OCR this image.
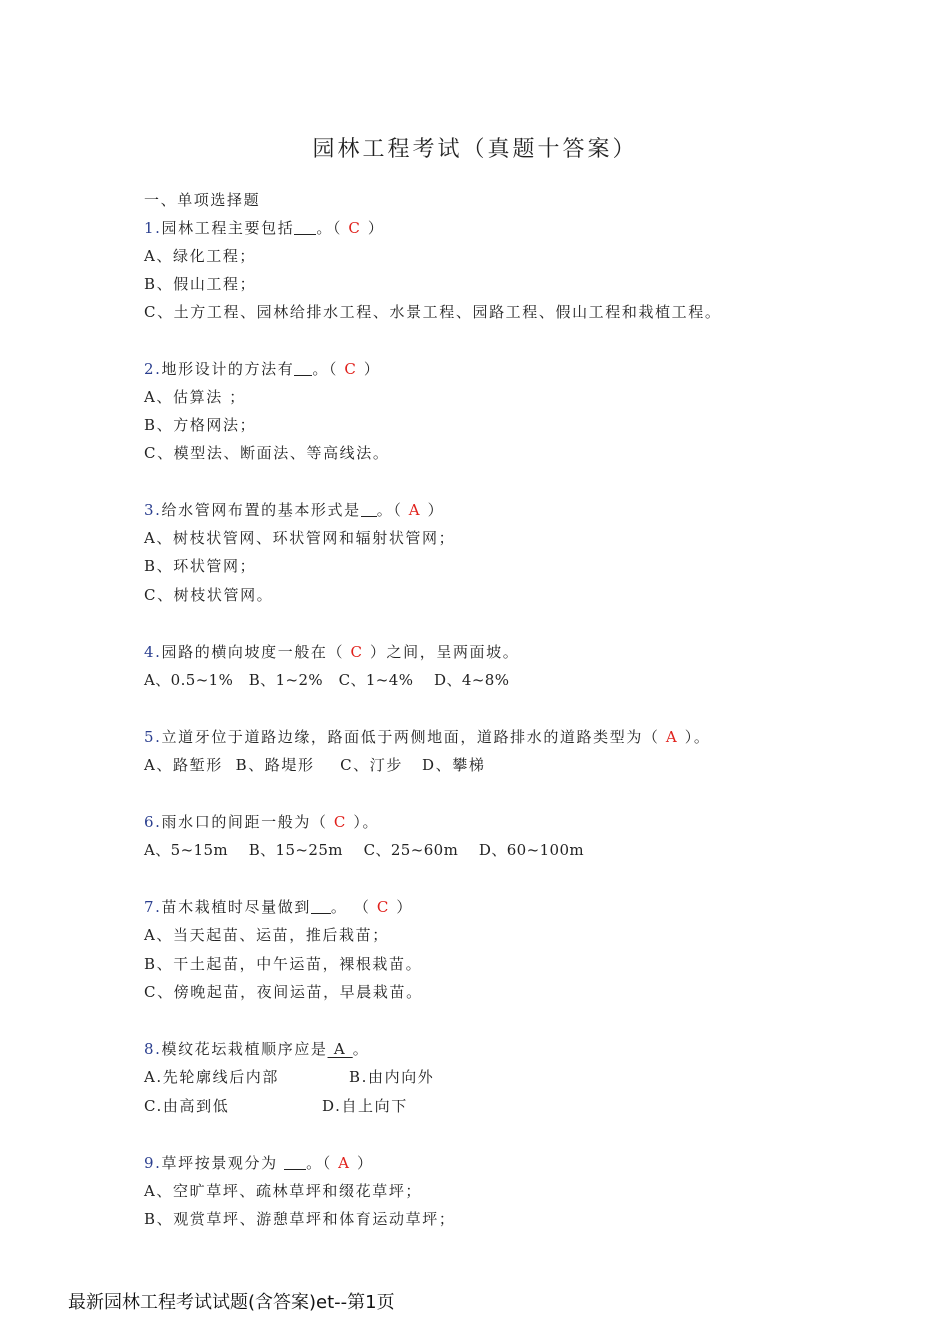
园林工程考试（真题十答案）
一、单项选择题
1.园林工程主要包括 。（ C ）
A、绿化工程；
B、假山工程；
C、土方工程、园林给排水工程、水景工程、园路工程、假山工程和栽植工程。
2.地形设计的方法有 。（ C ）
A、估算法 ；
B、方格网法；
C、模型法、断面法、等高线法。
3.给水管网布置的基本形式是 。（ A ）
A、树枝状管网、环状管网和辐射状管网；
B、环状管网；
C、树枝状管网。
4.园路的横向坡度一般在（ C ）之间，呈两面坡。
A、0.5~1%   B、1~2%   C、1~4%    D、4~8%
5.立道牙位于道路边缘，路面低于两侧地面，道路排水的道路类型为（ A ）。
A、路堑形  B、路堤形    C、汀步   D、攀梯
6.雨水口的间距一般为（ C ）。
A、5~15m    B、15~25m    C、25~60m    D、60~100m
7.苗木栽植时尽量做到 。 （ C ）
A、当天起苗、运苗，推后栽苗；
B、干土起苗，中午运苗，裸根栽苗。
C、傍晚起苗，夜间运苗，早晨栽苗。
8.模纹花坛栽植顺序应是 A 。
A.先轮廓线后内部	B.由内向外
C.由高到低	D.自上向下
9.草坪按景观分为 。（ A ）
A、空旷草坪、疏林草坪和缀花草坪；
B、观赏草坪、游憩草坪和体育运动草坪；
最新园林工程考试试题(含答案)et--第1页
